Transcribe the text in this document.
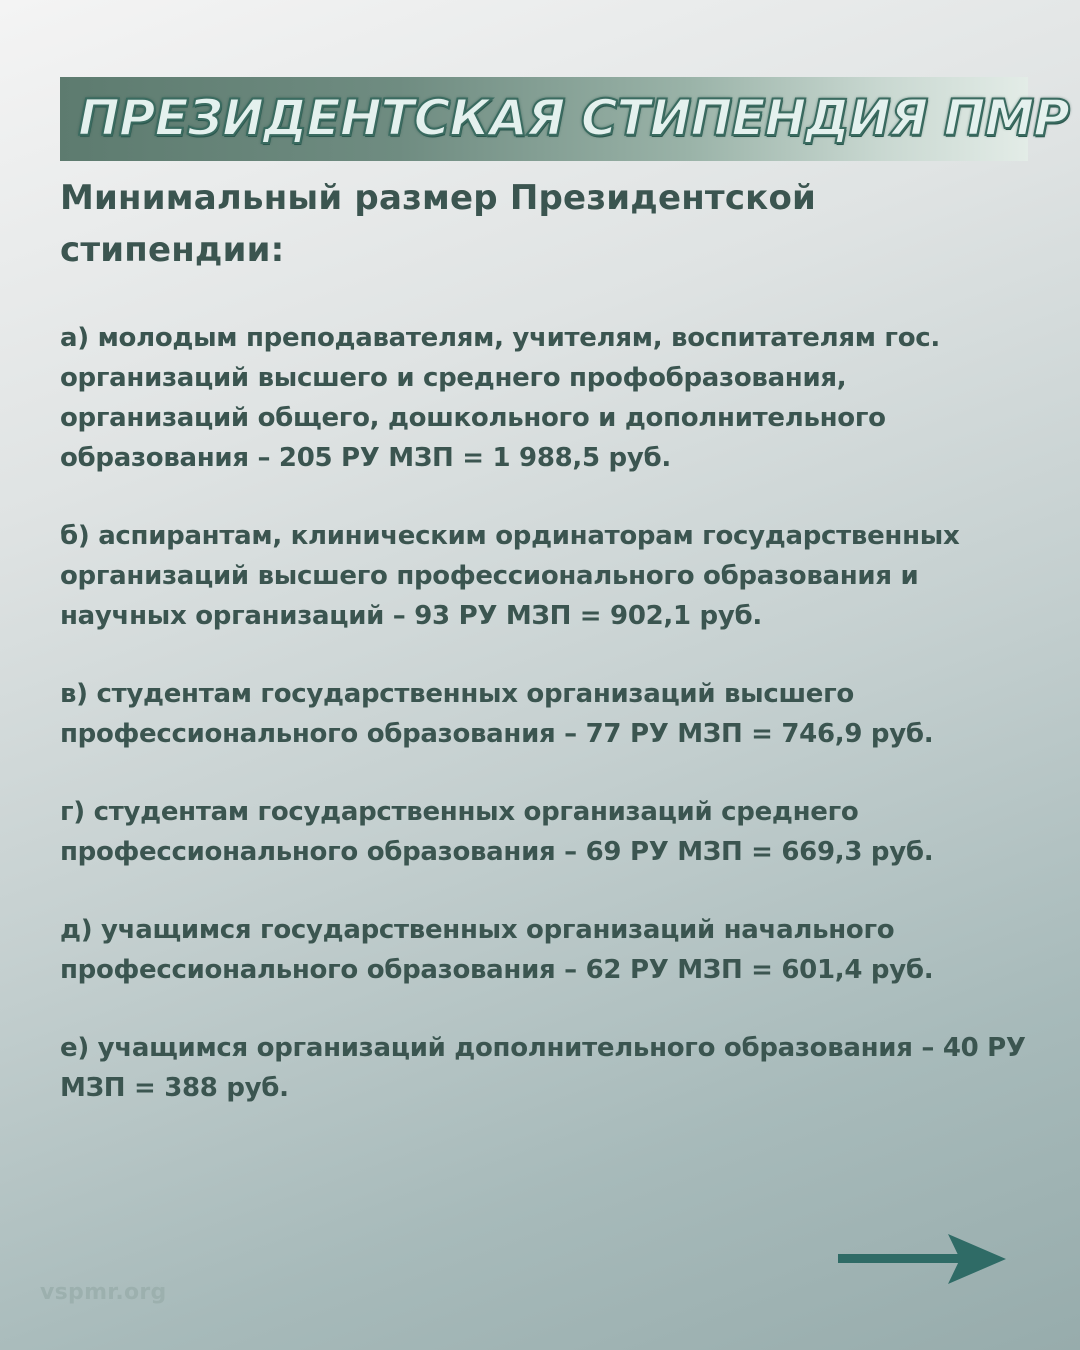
ПРЕЗИДЕНТСКАЯ СТИПЕНДИЯ ПМР

Минимальный размер Президентской стипендии:

а) молодым преподавателям, учителям, воспитателям гос. организаций высшего и среднего профобразования, организаций общего, дошкольного и дополнительного образования – 205 РУ МЗП = 1 988,5 руб.

б) аспирантам, клиническим ординаторам государственных организаций высшего профессионального образования и научных организаций – 93 РУ МЗП = 902,1 руб.

в) студентам государственных организаций высшего профессионального образования – 77 РУ МЗП = 746,9 руб.

г) студентам государственных организаций среднего профессионального образования – 69 РУ МЗП = 669,3 руб.

д) учащимся государственных организаций начального профессионального образования – 62 РУ МЗП = 601,4 руб.

е) учащимся организаций дополнительного образования – 40 РУ МЗП = 388 руб.

vspmr.org
